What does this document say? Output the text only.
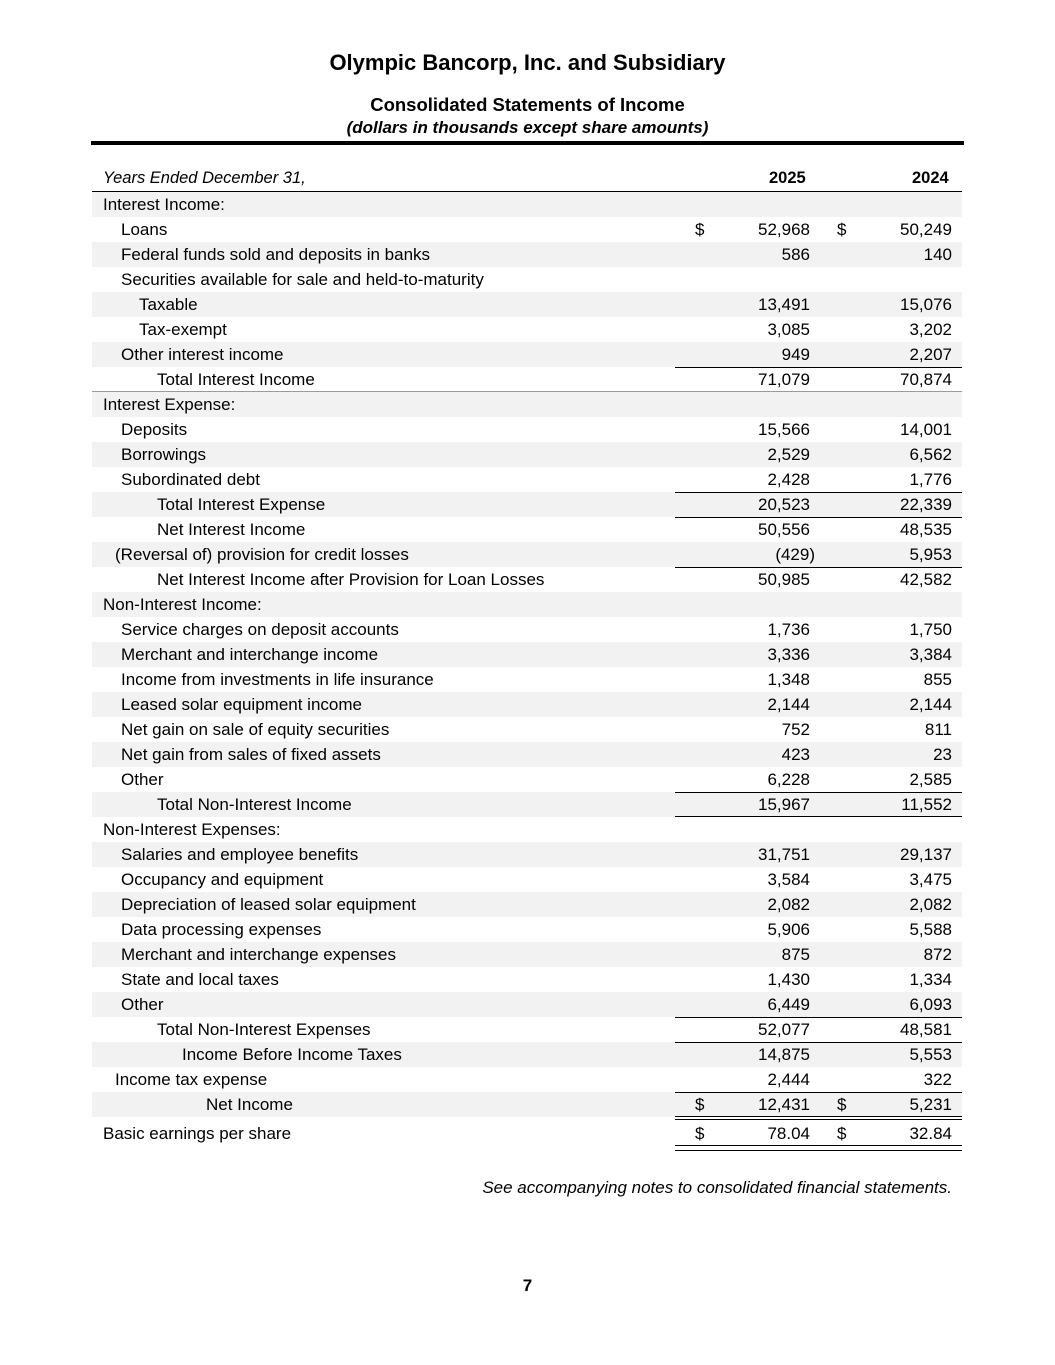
Olympic Bancorp, Inc. and Subsidiary
Consolidated Statements of Income
(dollars in thousands except share amounts)
Years Ended December 31,	2025	2024
Interest Income:
Loans	$	52,968 $	50,249
Federal funds sold and deposits in banks	586	140
Securities available for sale and held-to-maturity
Taxable	13,491	15,076
Tax-exempt	3,085	3,202
Other interest income	949	2,207
Total Interest Income	71,079	70,874
Interest Expense:
Deposits	15,566	14,001
Borrowings	2,529	6,562
Subordinated debt	2,428	1,776
Total Interest Expense	20,523	22,339
Net Interest Income	50,556	48,535
(Reversal of) provision for credit losses	(429)	5,953
Net Interest Income after Provision for Loan Losses	50,985	42,582
Non-Interest Income:
Service charges on deposit accounts	1,736	1,750
Merchant and interchange income	3,336	3,384
Income from investments in life insurance	1,348	855
Leased solar equipment income	2,144	2,144
Net gain on sale of equity securities	752	811
Net gain from sales of fixed assets	423	23
Other	6,228	2,585
Total Non-Interest Income	15,967	11,552
Non-Interest Expenses:
Salaries and employee benefits	31,751	29,137
Occupancy and equipment	3,584	3,475
Depreciation of leased solar equipment	2,082	2,082
Data processing expenses	5,906	5,588
Merchant and interchange expenses	875	872
State and local taxes	1,430	1,334
Other	6,449	6,093
Total Non-Interest Expenses	52,077	48,581
Income Before Income Taxes	14,875	5,553
Income tax expense	2,444	322
Net Income	$	12,431 $	5,231
Basic earnings per share	$	78.04 $	32.84
See accompanying notes to consolidated financial statements.
7
